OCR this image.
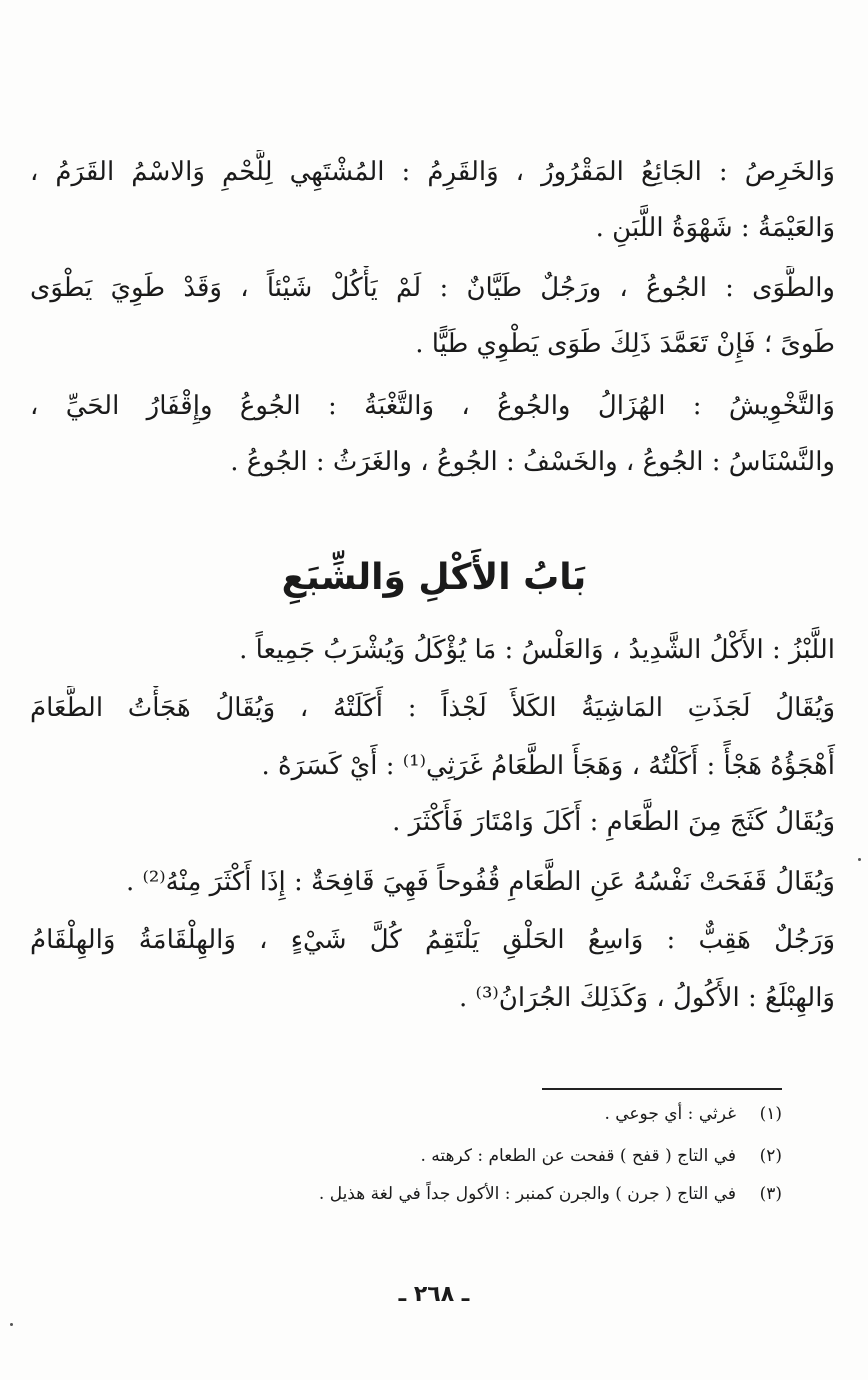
وَالخَرِصُ : الجَائِعُ المَقْرُورُ ، وَالقَرِمُ : المُشْتَهِي لِلَّحْمِ وَالاسْمُ القَرَمُ ،
وَالعَيْمَةُ : شَهْوَةُ اللَّبَنِ .
والطَّوَى : الجُوعُ ، ورَجُلٌ طَيَّانٌ : لَمْ يَأْكُلْ شَيْئاً ، وَقَدْ طَوِيَ يَطْوَى
طَوىً ؛ فَإِنْ تَعَمَّدَ ذَلِكَ طَوَى يَطْوِي طَيًّا .
وَالتَّخْوِيشُ : الهُزَالُ والجُوعُ ، وَالتَّغْبَةُ : الجُوعُ وإِقْفَارُ الحَيِّ ،
والنَّسْنَاسُ : الجُوعُ ، والخَسْفُ : الجُوعُ ، والغَرَثُ : الجُوعُ .
بَابُ الأَكْلِ وَالشِّبَعِ
اللَّبْزُ : الأَكْلُ الشَّدِيدُ ، وَالعَلْسُ : مَا يُؤْكَلُ وَيُشْرَبُ جَمِيعاً .
وَيُقَالُ لَجَذَتِ المَاشِيَةُ الكَلأَ لَجْذاً : أَكَلَتْهُ ، وَيُقَالُ هَجَأْتُ الطَّعَامَ
أَهْجَؤُهُ هَجْأً : أَكَلْتُهُ ، وَهَجَأَ الطَّعَامُ غَرَثِي⁽¹⁾ : أَيْ كَسَرَهُ .
وَيُقَالُ كَثَجَ مِنَ الطَّعَامِ : أَكَلَ وَامْتَارَ فَأَكْثَرَ .
وَيُقَالُ قَفَحَتْ نَفْسُهُ عَنِ الطَّعَامِ قُفُوحاً فَهِيَ قَافِحَةٌ : إِذَا أَكْثَرَ مِنْهُ⁽²⁾ .
وَرَجُلٌ هَقِبٌّ : وَاسِعُ الحَلْقِ يَلْتَقِمُ كُلَّ شَيْءٍ ، وَالهِلْقَامَةُ وَالهِلْقَامُ
وَالهِبْلَعُ : الأَكُولُ ، وَكَذَلِكَ الجُرَانُ⁽³⁾ .
(١)غرثي : أي جوعي .
(٢)في التاج ( قفح ) قفحت عن الطعام : كرهته .
(٣)في التاج ( جرن ) والجرن كمنبر : الأكول جداً في لغة هذيل .
ـ ٢٦٨ ـ
